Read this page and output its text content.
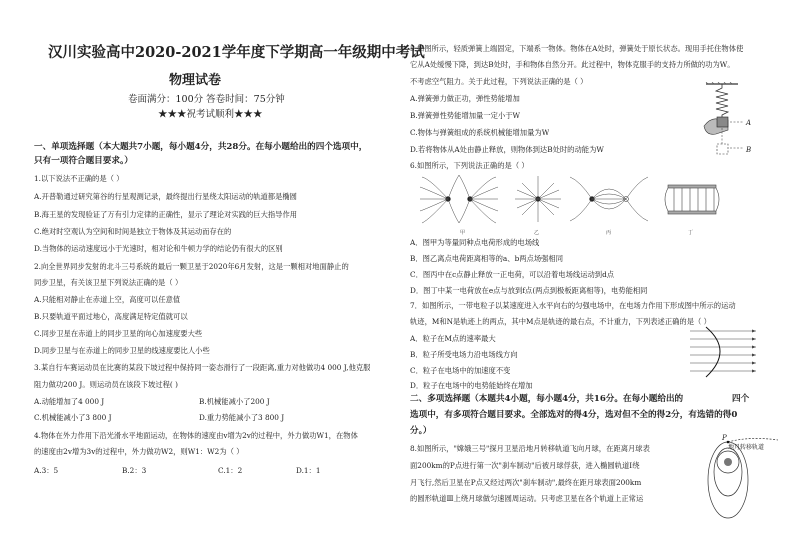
汉川实验高中2020-2021学年度下学期高一年级期中考试
物理试卷
卷面满分：100分 答卷时间：75分钟
★★★祝考试顺利★★★
一、单项选择题（本大题共7小题，每小题4分，共28分。在每小题给出的四个选项中，
只有一项符合题目要求。）
1.以下说法不正确的是（ ）
A.开普勒通过研究第谷的行星观测记录，最终提出行星绕太阳运动的轨道都是椭圆
B.海王星的发现验证了万有引力定律的正确性，显示了理论对实践的巨大指导作用
C.绝对时空观认为空间和时间是独立于物体及其运动而存在的
D.当物体的运动速度远小于光速时，相对论和牛顿力学的结论仍有很大的区别
2.向全世界同步发射的北斗三号系统的最后一颗卫星于2020年6月发射，这是一颗相对地面静止的
同步卫星，有关该卫星下列说法正确的是（ ）
A.只能相对静止在赤道上空，高度可以任意值
B.只要轨道平面过地心，高度满足特定值就可以
C.同步卫星在赤道上的同步卫星的向心加速度要大些
D.同步卫星与在赤道上的同步卫星的线速度要比人小些
3.某自行车赛运动员在比赛的某段下坡过程中保持同一姿态滑行了一段距离,重力对他做功4 000 J,他克服
阻力做功200 J。则运动员在该段下坡过程( )
A.动能增加了4 000 J	B.机械能减小了200 J
C.机械能减小了3 800 J	D.重力势能减小了3 800 J
4.物体在外力作用下沿光滑水平地面运动，在物体的速度由v增为2v的过程中，外力做功W1，在物体
的速度由2v增为3v的过程中，外力做功W2，则W1：W2为（ ）
A.3：5	B.2：3	C.1：2	D.1：1
5.如图所示，轻质弹簧上端固定，下端系一物体。物体在A处时，弹簧处于原长状态。现用手托住物体使
它从A处缓慢下降，到达B处时，手和物体自然分开。此过程中，物体克服手的支持力所做的功为W。
不考虑空气阻力。关于此过程，下列说法正确的是（ ）
A.弹簧弹力做正功，弹性势能增加
B.弹簧弹性势能增加量一定小于W
C.物体与弹簧组成的系统机械能增加量为W
D.若将物体从A处由静止释放，则物体到达B处时的动能为W
6.如图所示，下列说法正确的是（ ）
A
B
甲	乙	丙	丁
A．图甲为等量同种点电荷形成的电场线
B．图乙离点电荷距离相等的a、b两点场强相同
C．图丙中在c点静止释放一正电荷，可以沿着电场线运动到d点
D．图丁中某一电荷放在e点与放到f点(两点到极板距离相等)，电势能相同
7．如图所示，一带电粒子以某速度进入水平向右的匀强电场中，在电场力作用下形成图中所示的运动
轨迹，M和N是轨迹上的两点，其中M点是轨迹的最右点，不计重力，下列表述正确的是（ ）
A．粒子在M点的速率最大
B．粒子所受电场力沿电场线方向
C．粒子在电场中的加速度不变
D．粒子在电场中的电势能始终在增加
二、多项选择题（本题共4小题，每小题4分，共16分。在每小题给出的	四个
选项中，有多项符合题目要求。全部选对的得4分，选对但不全的得2分，有选错的得0
分。）
8.如图所示，"嫦娥三号"探月卫星沿地月转移轨道飞向月球，在距离月球表
面200km的P点进行第一次"刹车制动"后被月球俘获，进入椭圆轨道Ⅰ绕
月飞行,然后卫星在P点又经过两次"刹车制动",最终在距月球表面200km
的圆形轨道Ⅲ上绕月球做匀速圆周运动。只考虑卫星在各个轨道上正常运
P
地月转移轨道
